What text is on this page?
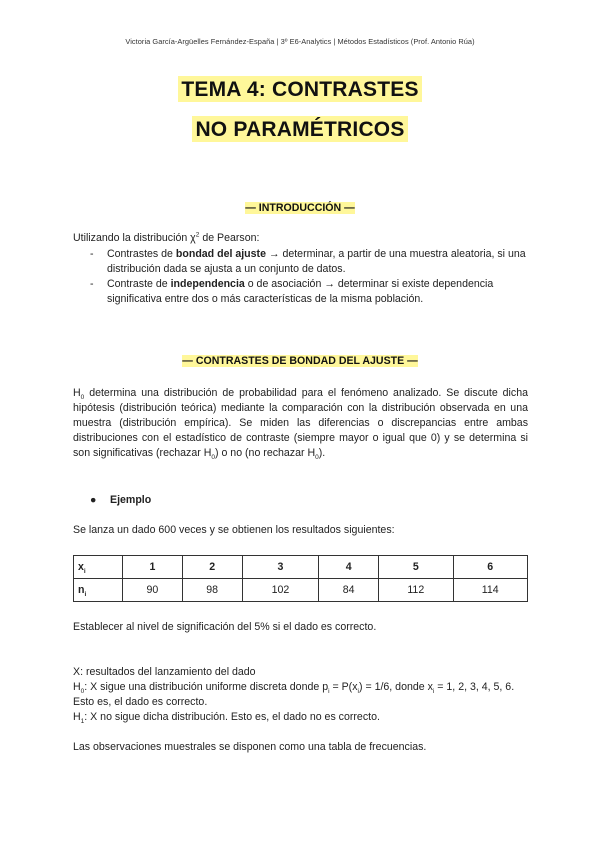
Victoria García-Argüelles Fernández-España | 3º E6-Analytics | Métodos Estadísticos (Prof. Antonio Rúa)
TEMA 4: CONTRASTES
NO PARAMÉTRICOS
— INTRODUCCIÓN —
Utilizando la distribución $\chi^2$ de Pearson:
- Contrastes de bondad del ajuste → determinar, a partir de una muestra aleatoria, si una distribución dada se ajusta a un conjunto de datos.
- Contraste de independencia o de asociación → determinar si existe dependencia significativa entre dos o más características de la misma población.
— CONTRASTES DE BONDAD DEL AJUSTE —
$H_0$ determina una distribución de probabilidad para el fenómeno analizado. Se discute dicha hipótesis (distribución teórica) mediante la comparación con la distribución observada en una muestra (distribución empírica). Se miden las diferencias o discrepancias entre ambas distribuciones con el estadístico de contraste (siempre mayor o igual que 0) y se determina si son significativas (rechazar $H_0$) o no (no rechazar $H_0$).
● Ejemplo
Se lanza un dado 600 veces y se obtienen los resultados siguientes:
$x_i$	1	2	3	4	5	6
$n_i$	90	98	102	84	112	114
Establecer al nivel de significación del 5% si el dado es correcto.
X: resultados del lanzamiento del dado
$H_0$: X sigue una distribución uniforme discreta donde $p_i = P(x_i) = 1/6$, donde $x_i = 1$, 2, 3, 4, 5, 6.
Esto es, el dado es correcto.
$H_1$: X no sigue dicha distribución. Esto es, el dado no es correcto.
Las observaciones muestrales se disponen como una tabla de frecuencias.
